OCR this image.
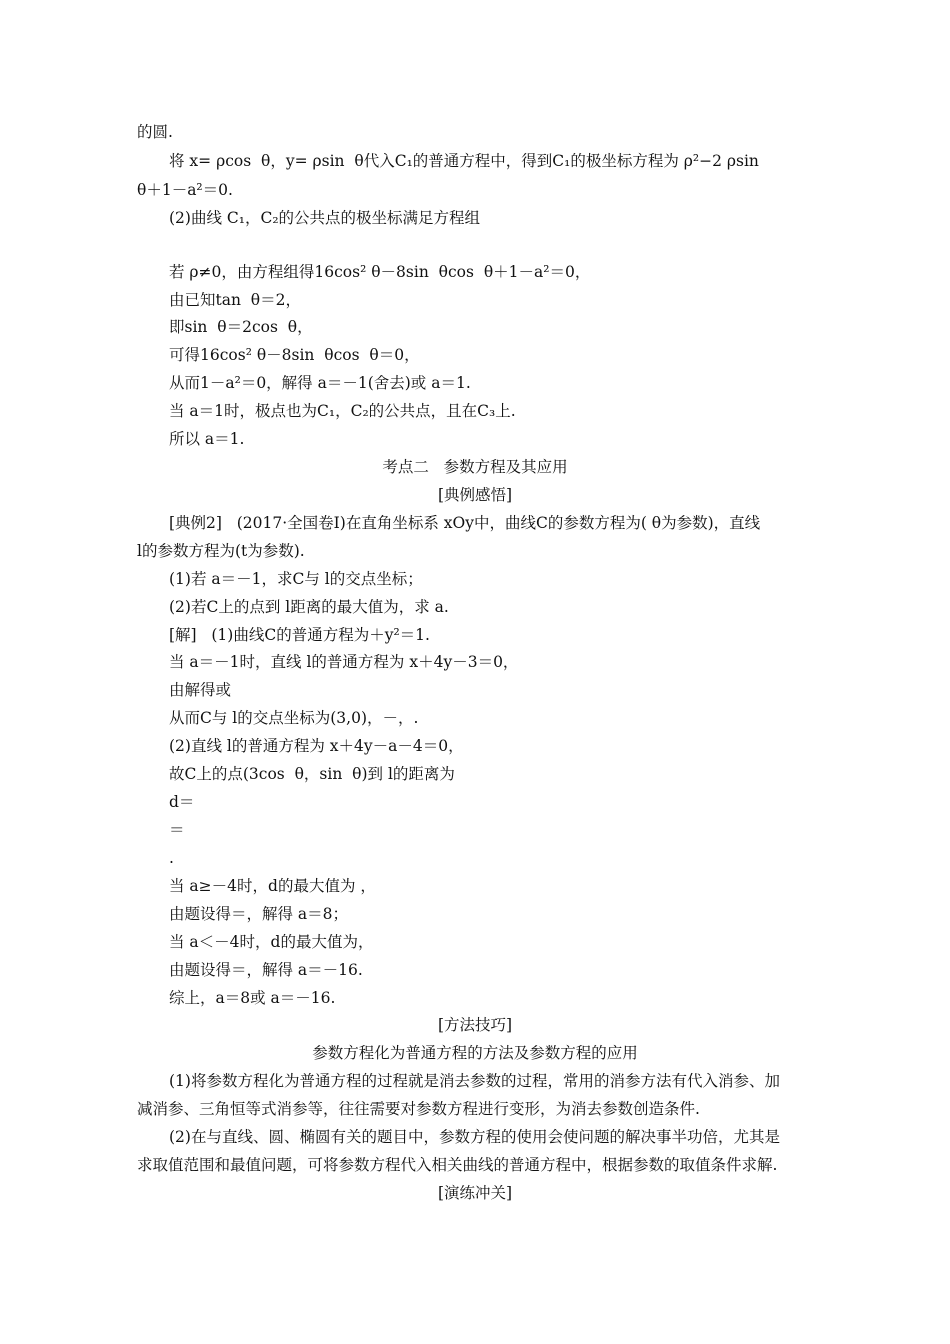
的圆.
将 x= ρcos  θ，y= ρsin  θ代入C₁的普通方程中，得到C₁的极坐标方程为 ρ²−2 ρsin
θ＋1－a²＝0.
(2)曲线 C₁，C₂的公共点的极坐标满足方程组
若 ρ≠0，由方程组得16cos² θ－8sin  θcos  θ＋1－a²＝0，
由已知tan  θ＝2，
即sin  θ＝2cos  θ，
可得16cos² θ－8sin  θcos  θ＝0，
从而1－a²＝0，解得 a＝－1(舍去)或 a＝1.
当 a＝1时，极点也为C₁，C₂的公共点，且在C₃上.
所以 a＝1.
考点二   参数方程及其应用
[典例感悟]
[典例2]   (2017·全国卷Ⅰ)在直角坐标系 xOy中，曲线C的参数方程为( θ为参数)，直线
l的参数方程为(t为参数).
(1)若 a＝－1，求C与 l的交点坐标；
(2)若C上的点到 l距离的最大值为，求 a.
[解]   (1)曲线C的普通方程为＋y²＝1.
当 a＝－1时，直线 l的普通方程为 x＋4y－3＝0，
由解得或
从而C与 l的交点坐标为(3,0)，－，.
(2)直线 l的普通方程为 x＋4y－a－4＝0，
故C上的点(3cos  θ，sin  θ)到 l的距离为
d＝
＝
.
当 a≥－4时，d的最大值为 ，
由题设得＝，解得 a＝8；
当 a＜－4时，d的最大值为，
由题设得＝，解得 a＝－16.
综上，a＝8或 a＝－16.
[方法技巧]
参数方程化为普通方程的方法及参数方程的应用
(1)将参数方程化为普通方程的过程就是消去参数的过程，常用的消参方法有代入消参、加
减消参、三角恒等式消参等，往往需要对参数方程进行变形，为消去参数创造条件.
(2)在与直线、圆、椭圆有关的题目中，参数方程的使用会使问题的解决事半功倍，尤其是
求取值范围和最值问题，可将参数方程代入相关曲线的普通方程中，根据参数的取值条件求解.
[演练冲关]
